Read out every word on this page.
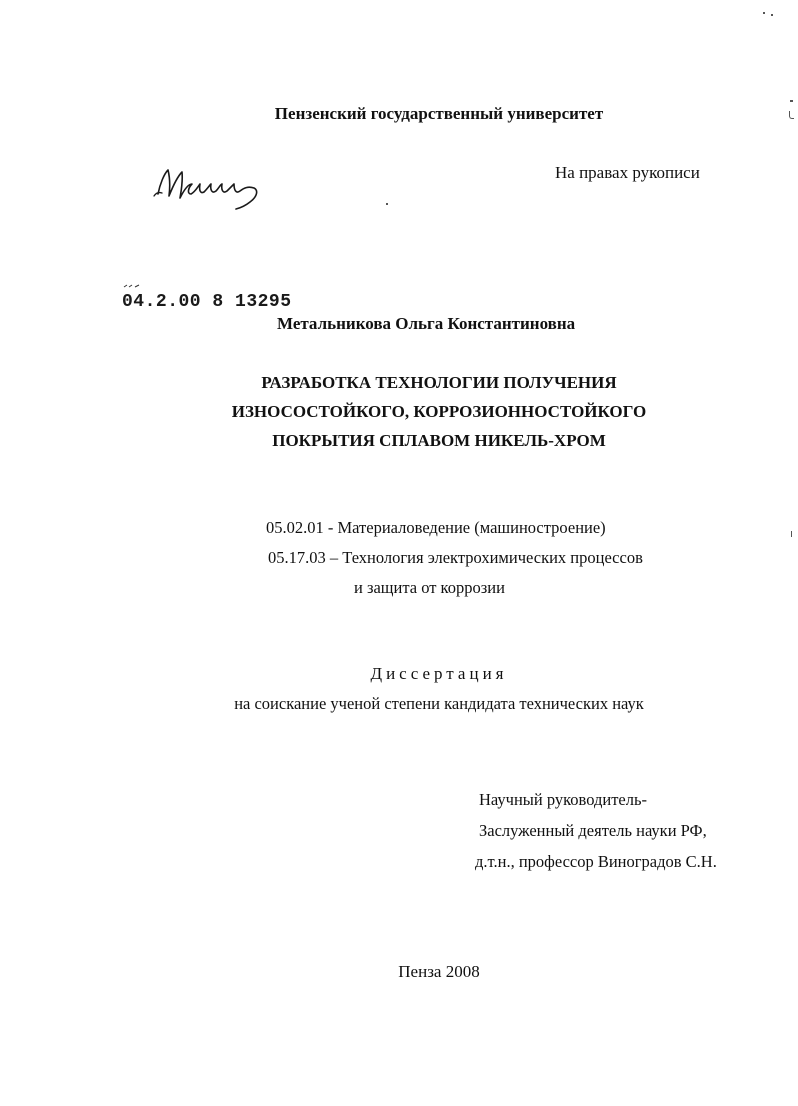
Пензенский государственный университет
На правах рукописи
04.2.00 8 13295
Метальникова Ольга Константиновна
РАЗРАБОТКА ТЕХНОЛОГИИ ПОЛУЧЕНИЯ
ИЗНОСОСТОЙКОГО, КОРРОЗИОННОСТОЙКОГО
ПОКРЫТИЯ СПЛАВОМ НИКЕЛЬ-ХРОМ
05.02.01 - Материаловедение (машиностроение)
05.17.03 – Технология электрохимических процессов
и защита от коррозии
Диссертация
на соискание ученой степени кандидата технических наук
Научный руководитель-
Заслуженный деятель науки РФ,
д.т.н., профессор Виноградов С.Н.
Пенза 2008
